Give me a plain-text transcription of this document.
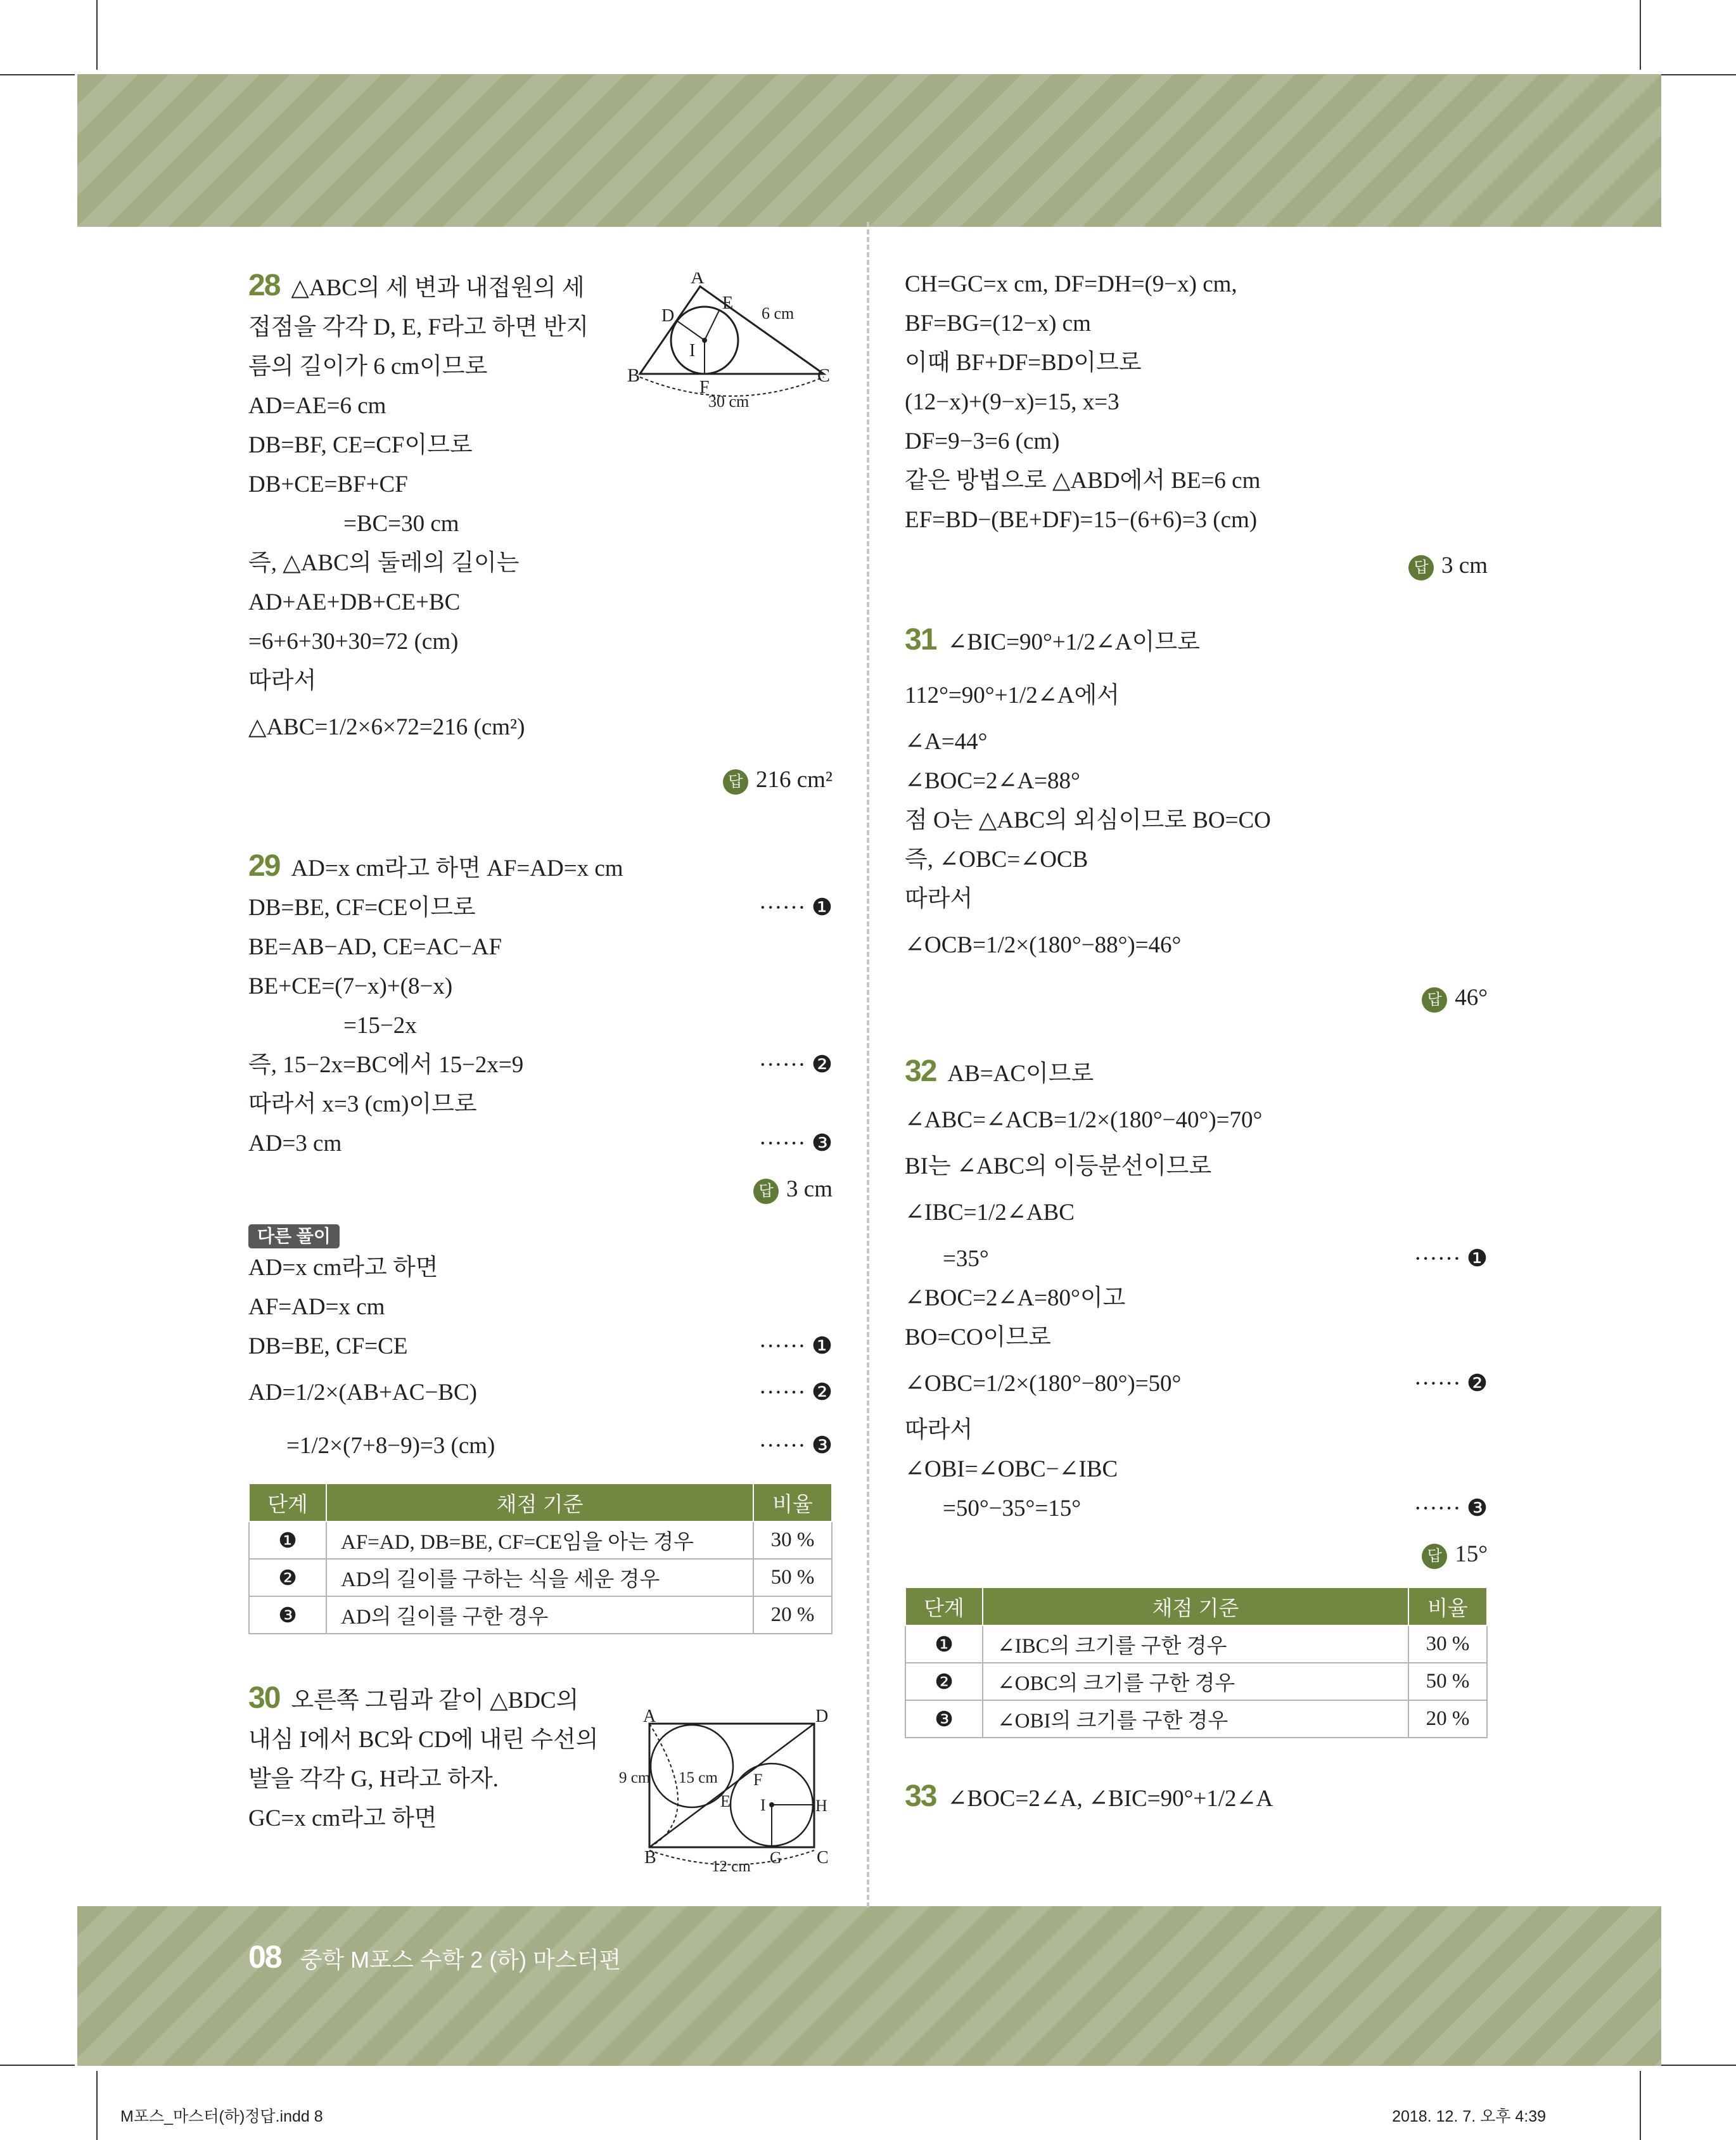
28 △ABC의 세 변과 내접원의 세
접점을 각각 D, E, F라고 하면 반지
름의 길이가 6 cm이므로
AD=AE=6 cm
DB=BF, CE=CF이므로
DB+CE=BF+CF
=BC=30 cm
즉, △ABC의 둘레의 길이는
AD+AE+DB+CE+BC
=6+6+30+30=72 (cm)
따라서
△ABC=1/2×6×72=216 (cm²)
답 216 cm²
29 AD=x cm라고 하면 AF=AD=x cm
DB=BE, CF=CE이므로	······ ❶
BE=AB−AD, CE=AC−AF
BE+CE=(7−x)+(8−x)
=15−2x
즉, 15−2x=BC에서 15−2x=9	······ ❷
따라서 x=3 (cm)이므로
AD=3 cm	······ ❸
답 3 cm
다른 풀이
AD=x cm라고 하면
AF=AD=x cm
DB=BE, CF=CE	······ ❶
AD=1/2×(AB+AC−BC)	······ ❷
=1/2×(7+8−9)=3 (cm)	······ ❸
단계	채점 기준	비율
❶	AF=AD, DB=BE, CF=CE임을 아는 경우	30 %
❷	AD의 길이를 구하는 식을 세운 경우	50 %
❸	AD의 길이를 구한 경우	20 %
30 오른쪽 그림과 같이 △BDC의
내심 I에서 BC와 CD에 내린 수선의
발을 각각 G, H라고 하자.
GC=x cm라고 하면
A
B	C
D
E
F
I
6 cm
30 cm
A	D
B	C
E
F
G
H
I
9 cm 15 cm
12 cm
CH=GC=x cm, DF=DH=(9−x) cm,
BF=BG=(12−x) cm
이때 BF+DF=BD이므로
(12−x)+(9−x)=15, x=3
DF=9−3=6 (cm)
같은 방법으로 △ABD에서 BE=6 cm
EF=BD−(BE+DF)=15−(6+6)=3 (cm)
답 3 cm
31 ∠BIC=90°+1/2∠A이므로
112°=90°+1/2∠A에서
∠A=44°
∠BOC=2∠A=88°
점 O는 △ABC의 외심이므로 BO=CO
즉, ∠OBC=∠OCB
따라서
∠OCB=1/2×(180°−88°)=46°
답 46°
32 AB=AC이므로
∠ABC=∠ACB=1/2×(180°−40°)=70°
BI는 ∠ABC의 이등분선이므로
∠IBC=1/2∠ABC
=35°	······ ❶
∠BOC=2∠A=80°이고
BO=CO이므로
∠OBC=1/2×(180°−80°)=50°	······ ❷
따라서
∠OBI=∠OBC−∠IBC
=50°−35°=15°	······ ❸
답 15°
단계	채점 기준	비율
❶	∠IBC의 크기를 구한 경우	30 %
❷	∠OBC의 크기를 구한 경우	50 %
❸	∠OBI의 크기를 구한 경우	20 %
33 ∠BOC=2∠A, ∠BIC=90°+1/2∠A
08 중학 M포스 수학 2 (하) 마스터편
M포스_마스터(하)정답.indd 8	2018. 12. 7. 오후 4:39
